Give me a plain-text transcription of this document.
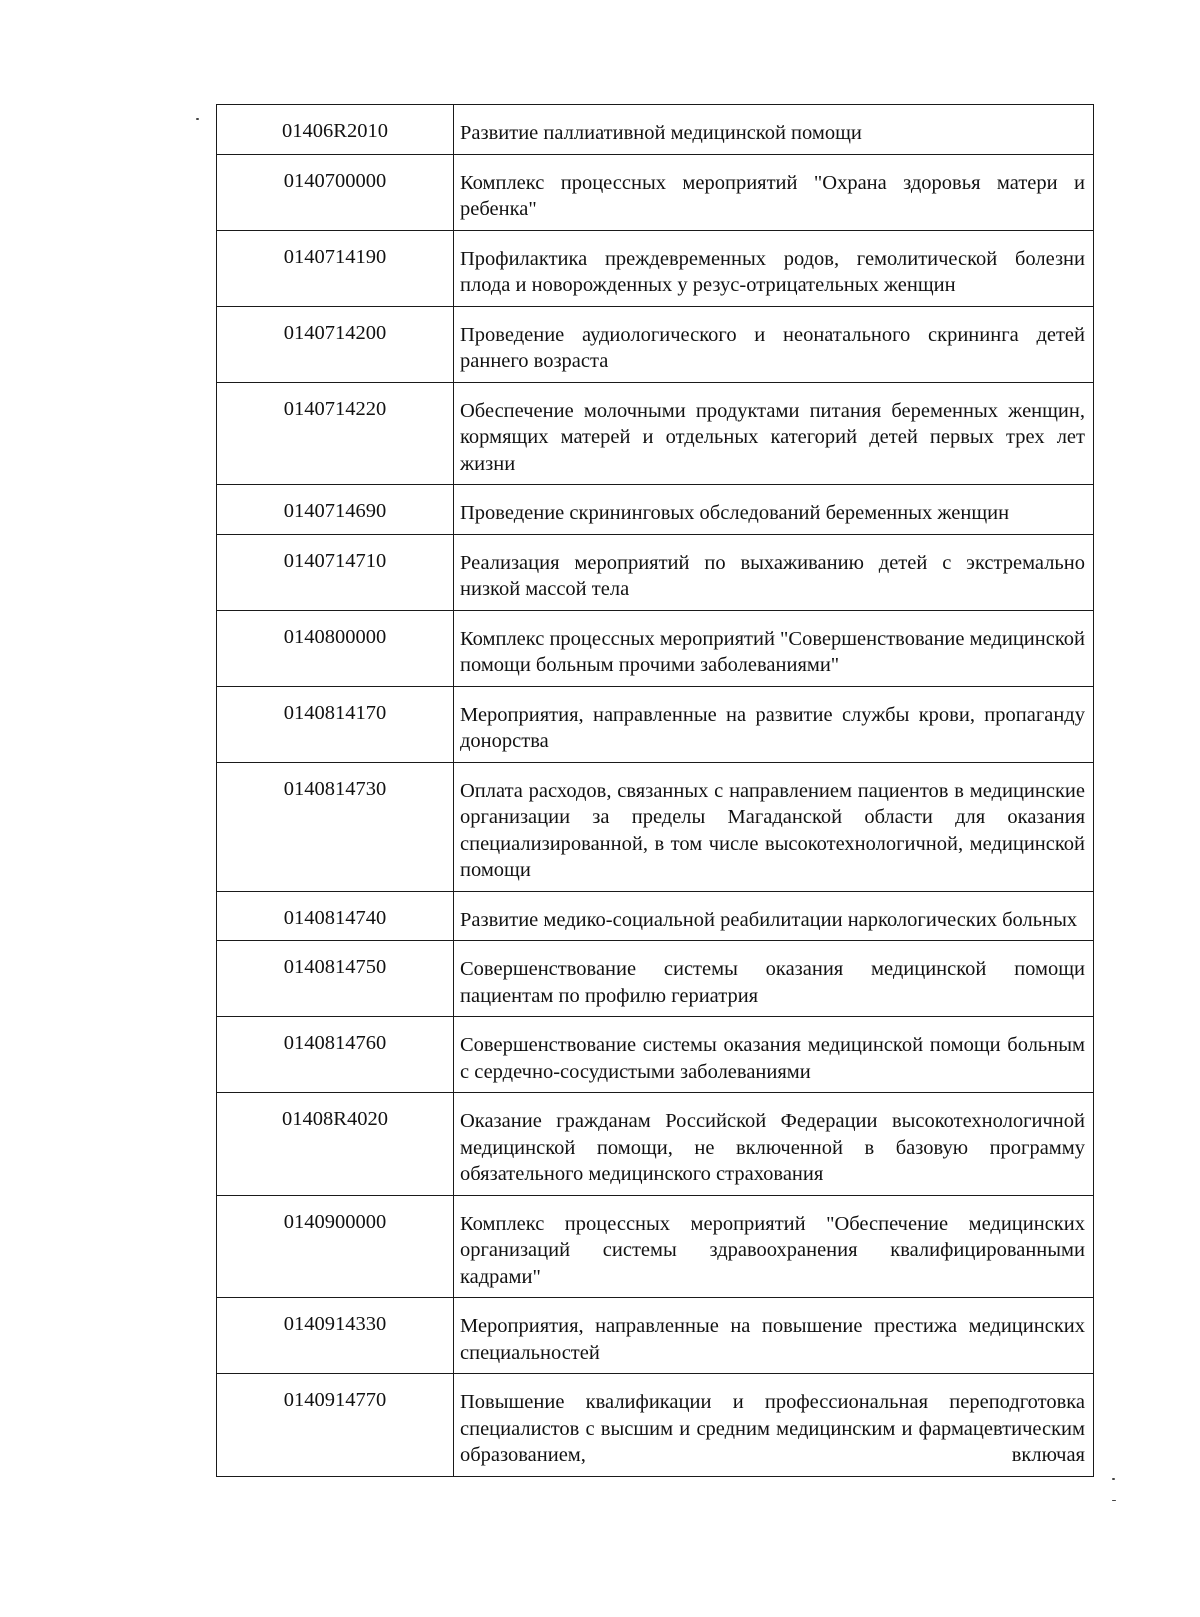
01406R2010	Развитие паллиативной медицинской помощи
0140700000	Комплекс процессных мероприятий "Охрана здоровья матери и ребенка"
0140714190	Профилактика преждевременных родов, гемолитической болезни плода и новорожденных у резус-отрицательных женщин
0140714200	Проведение аудиологического и неонатального скрининга детей раннего возраста
0140714220	Обеспечение молочными продуктами питания беременных женщин, кормящих матерей и отдельных категорий детей первых трех лет жизни
0140714690	Проведение скрининговых обследований беременных женщин
0140714710	Реализация мероприятий по выхаживанию детей с экстремально низкой массой тела
0140800000	Комплекс процессных мероприятий "Совершенствование медицинской помощи больным прочими заболеваниями"
0140814170	Мероприятия, направленные на развитие службы крови, пропаганду донорства
0140814730	Оплата расходов, связанных с направлением пациентов в медицинские организации за пределы Магаданской области для оказания специализированной, в том числе высокотехнологичной, медицинской помощи
0140814740	Развитие медико-социальной реабилитации наркологических больных
0140814750	Совершенствование системы оказания медицинской помощи пациентам по профилю гериатрия
0140814760	Совершенствование системы оказания медицинской помощи больным с сердечно-сосудистыми заболеваниями
01408R4020	Оказание гражданам Российской Федерации высокотехнологичной медицинской помощи, не включенной в базовую программу обязательного медицинского страхования
0140900000	Комплекс процессных мероприятий "Обеспечение медицинских организаций системы здравоохранения квалифицированными кадрами"
0140914330	Мероприятия, направленные на повышение престижа медицинских специальностей
0140914770	Повышение квалификации и профессиональная переподготовка специалистов с высшим и средним медицинским и фармацевтическим образованием, включая
